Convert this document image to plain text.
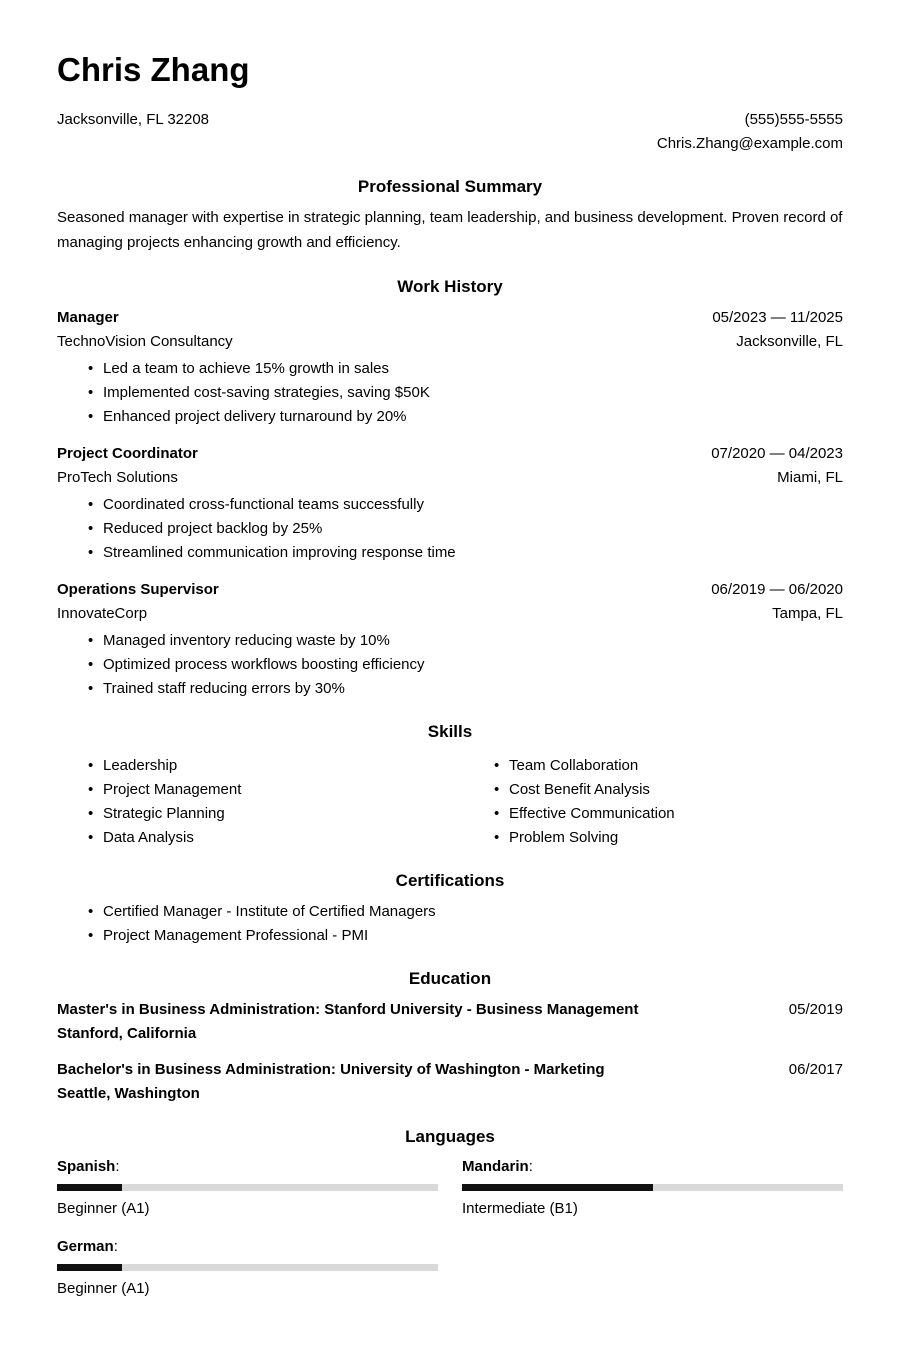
Chris Zhang
Jacksonville, FL 32208	(555)555-5555
Chris.Zhang@example.com
Professional Summary

Seasoned manager with expertise in strategic planning, team leadership, and business development. Proven record of managing projects enhancing growth and efficiency.

Work History
Manager	05/2023 — 11/2025
TechnoVision Consultancy	Jacksonville, FL
• Led a team to achieve 15% growth in sales
• Implemented cost-saving strategies, saving $50K
• Enhanced project delivery turnaround by 20%
Project Coordinator	07/2020 — 04/2023
ProTech Solutions	Miami, FL
• Coordinated cross-functional teams successfully
• Reduced project backlog by 25%
• Streamlined communication improving response time
Operations Supervisor	06/2019 — 06/2020
InnovateCorp	Tampa, FL
• Managed inventory reducing waste by 10%
• Optimized process workflows boosting efficiency
• Trained staff reducing errors by 30%
Skills
• Leadership
• Project Management
• Strategic Planning
• Data Analysis
• Team Collaboration
• Cost Benefit Analysis
• Effective Communication
• Problem Solving
Certifications
• Certified Manager - Institute of Certified Managers
• Project Management Professional - PMI
Education
Master's in Business Administration: Stanford University - Business Management
Stanford, California
05/2019
Bachelor's in Business Administration: University of Washington - Marketing
Seattle, Washington
06/2017
Languages
Spanish:
Beginner (A1)
Mandarin:
Intermediate (B1)
German:
Beginner (A1)
